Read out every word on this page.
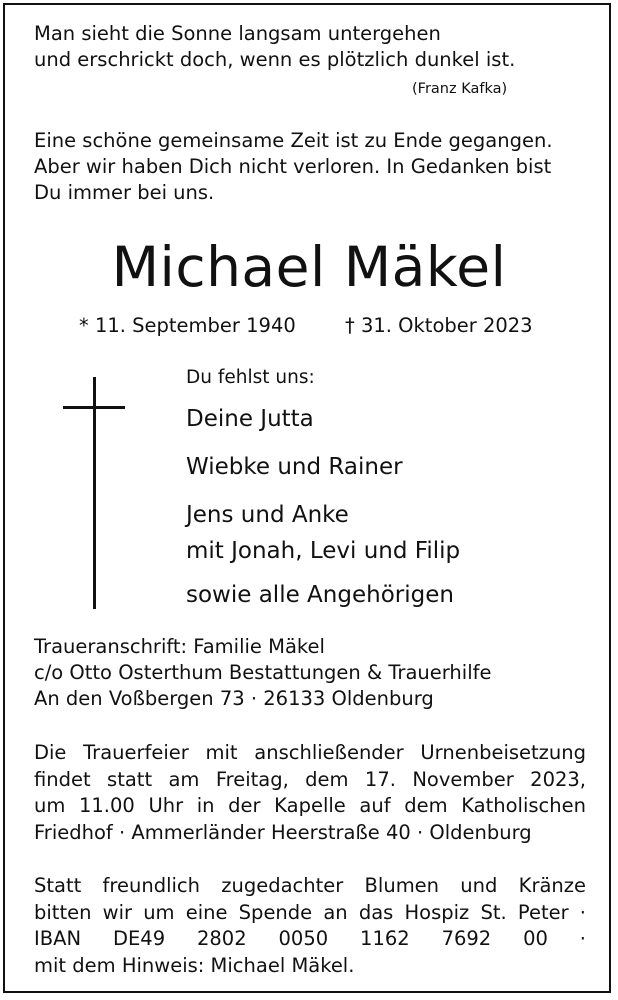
Man sieht die Sonne langsam untergehen
und erschrickt doch, wenn es plötzlich dunkel ist.
(Franz Kafka)
Eine schöne gemeinsame Zeit ist zu Ende gegangen.
Aber wir haben Dich nicht verloren. In Gedanken bist
Du immer bei uns.
Michael Mäkel
* 11. September 1940	† 31. Oktober 2023
Du fehlst uns:
Deine Jutta
Wiebke und Rainer
Jens und Anke
mit Jonah, Levi und Filip
sowie alle Angehörigen
Traueranschrift: Familie Mäkel
c/o Otto Osterthum Bestattungen & Trauerhilfe
An den Voßbergen 73 · 26133 Oldenburg
Die Trauerfeier mit anschließender Urnenbeisetzung
findet statt am Freitag, dem 17. November 2023,
um 11.00 Uhr in der Kapelle auf dem Katholischen
Friedhof · Ammerländer Heerstraße 40 · Oldenburg
Statt freundlich zugedachter Blumen und Kränze
bitten wir um eine Spende an das Hospiz St. Peter ·
IBAN DE49 2802 0050 1162 7692 00 ·
mit dem Hinweis: Michael Mäkel.
